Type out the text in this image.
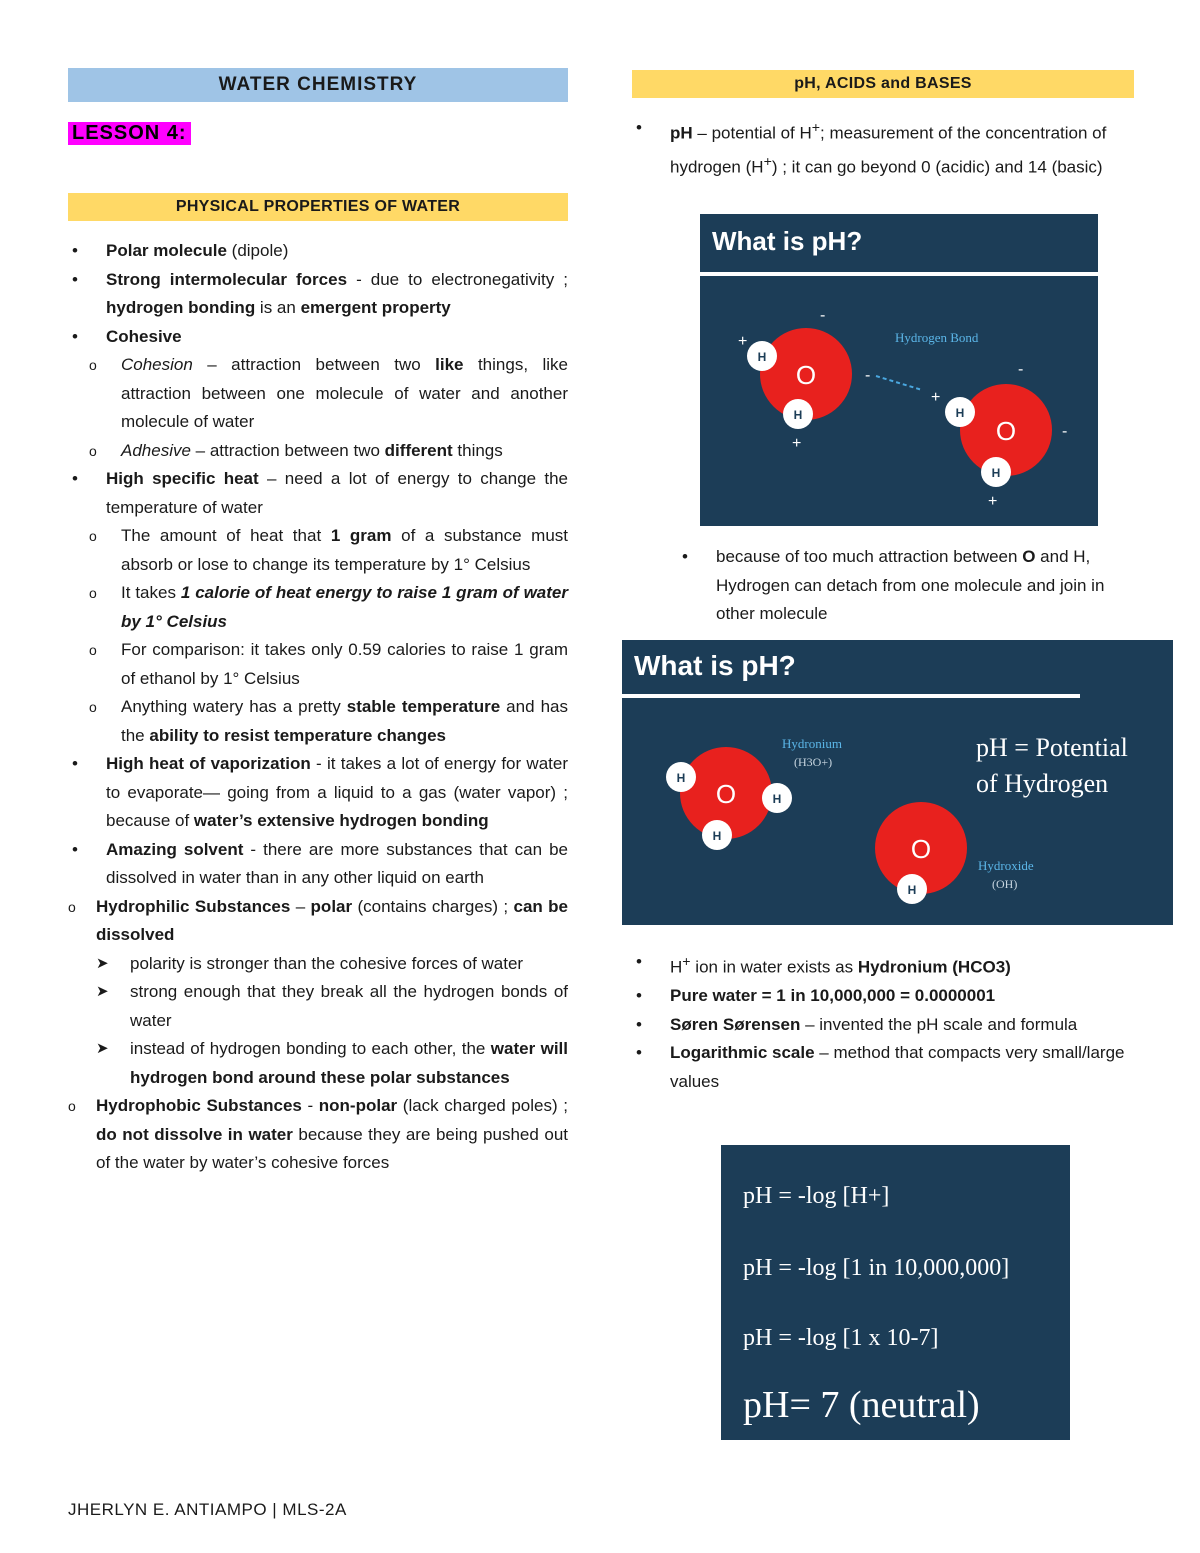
WATER CHEMISTRY
LESSON 4:
PHYSICAL PROPERTIES OF WATER
• Polar molecule (dipole)
• Strong intermolecular forces - due to electronegativity ; hydrogen bonding is an emergent property
• Cohesive
o Cohesion – attraction between two like things, like attraction between one molecule of water and another molecule of water
o Adhesive – attraction between two different things
• High specific heat – need a lot of energy to change the temperature of water
o The amount of heat that 1 gram of a substance must absorb or lose to change its temperature by 1° Celsius
o It takes 1 calorie of heat energy to raise 1 gram of water by 1° Celsius
o For comparison: it takes only 0.59 calories to raise 1 gram of ethanol by 1° Celsius
o Anything watery has a pretty stable temperature and has the ability to resist temperature changes
• High heat of vaporization - it takes a lot of energy for water to evaporate— going from a liquid to a gas (water vapor) ; because of water’s extensive hydrogen bonding
• Amazing solvent - there are more substances that can be dissolved in water than in any other liquid on earth
o Hydrophilic Substances – polar (contains charges) ; can be dissolved
➤ polarity is stronger than the cohesive forces of water
➤ strong enough that they break all the hydrogen bonds of water
➤ instead of hydrogen bonding to each other, the water will hydrogen bond around these polar substances
o Hydrophobic Substances - non-polar (lack charged poles) ; do not dissolve in water because they are being pushed out of the water by water’s cohesive forces
pH, ACIDS and BASES
• pH – potential of H+; measurement of the concentration of hydrogen (H+) ; it can go beyond 0 (acidic) and 14 (basic)
What is pH?
Hydrogen Bond
O
H
H
+
+
-
-
O
H
H
+
+
-
-
• because of too much attraction between O and H, Hydrogen can detach from one molecule and join in other molecule
What is pH?
Hydronium
(H3O+)	pH = Potential
of Hydrogen
O
H
H
H	O
H
Hydroxide
(OH)
• H+ ion in water exists as Hydronium (HCO3)
• Pure water = 1 in 10,000,000 = 0.0000001
• Søren Sørensen – invented the pH scale and formula
• Logarithmic scale – method that compacts very small/large values
pH = -log [H+]
pH = -log [1 in 10,000,000]
pH = -log [1 x 10-7]
pH= 7 (neutral)
JHERLYN E. ANTIAMPO | MLS-2A
